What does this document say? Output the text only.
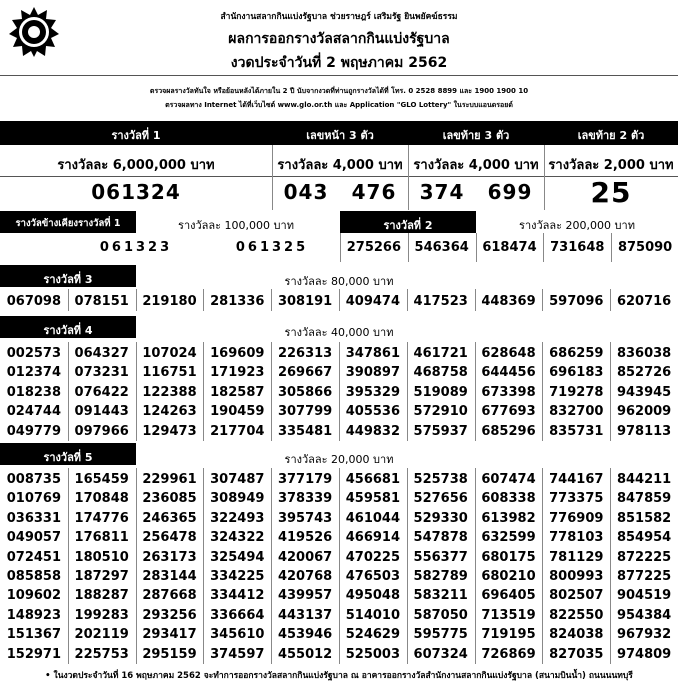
สำนักงานสลากกินแบ่งรัฐบาล ช่วยราษฎร์ เสริมรัฐ ยินพยัคฆ์ธรรม
ผลการออกรางวัลสลากกินแบ่งรัฐบาล
งวดประจำวันที่ 2 พฤษภาคม 2562
ตรวจผลรางวัลทันใจ หรือย้อนหลังได้ภายใน 2 ปี นับจากงวดที่ท่านถูกรางวัลได้ที่ โทร. 0 2528 8899 และ 1900 1900 10
ตรวจผลทาง Internet ได้ที่เว็บไซต์ www.glo.or.th และ Application "GLO Lottery" ในระบบแอนดรอยด์
รางวัลที่ 1	เลขหน้า 3 ตัว	เลขท้าย 3 ตัว	เลขท้าย 2 ตัว
รางวัลละ 6,000,000 บาท	รางวัลละ 4,000 บาท รางวัลละ 4,000 บาท รางวัลละ 2,000 บาท
061324	043	476	374	699	25
รางวัลข้างเคียงรางวัลที่ 1	รางวัลละ 100,000 บาท	รางวัลที่ 2	รางวัลละ 200,000 บาท
061323	061325	275266	546364	618474	731648	875090
รางวัลที่ 3	รางวัลละ 80,000 บาท
067098	078151	219180	281336	308191	409474	417523	448369	597096	620716
รางวัลที่ 4	รางวัลละ 40,000 บาท
002573	064327	107024	169609	226313	347861	461721	628648	686259	836038
012374	073231	116751	171923	269667	390897	468758	644456	696183	852726
018238	076422	122388	182587	305866	395329	519089	673398	719278	943945
024744	091443	124263	190459	307799	405536	572910	677693	832700	962009
049779	097966	129473	217704	335481	449832	575937	685296	835731	978113
รางวัลที่ 5	รางวัลละ 20,000 บาท
008735	165459	229961	307487	377179	456681	525738	607474	744167	844211
010769	170848	236085	308949	378339	459581	527656	608338	773375	847859
036331	174776	246365	322493	395743	461044	529330	613982	776909	851582
049057	176811	256478	324322	419526	466914	547878	632599	778103	854954
072451	180510	263173	325494	420067	470225	556377	680175	781129	872225
085858	187297	283144	334225	420768	476503	582789	680210	800993	877225
109602	188287	287668	334412	439957	495048	583211	696405	802507	904519
148923	199283	293256	336664	443137	514010	587050	713519	822550	954384
151367	202119	293417	345610	453946	524629	595775	719195	824038	967932
152971	225753	295159	374597	455012	525003	607324	726869	827035	974809
• ในงวดประจำวันที่ 16 พฤษภาคม 2562 จะทำการออกรางวัลสลากกินแบ่งรัฐบาล ณ อาคารออกรางวัลสำนักงานสลากกินแบ่งรัฐบาล (สนามบินน้ำ) ถนนนนทบุรี
